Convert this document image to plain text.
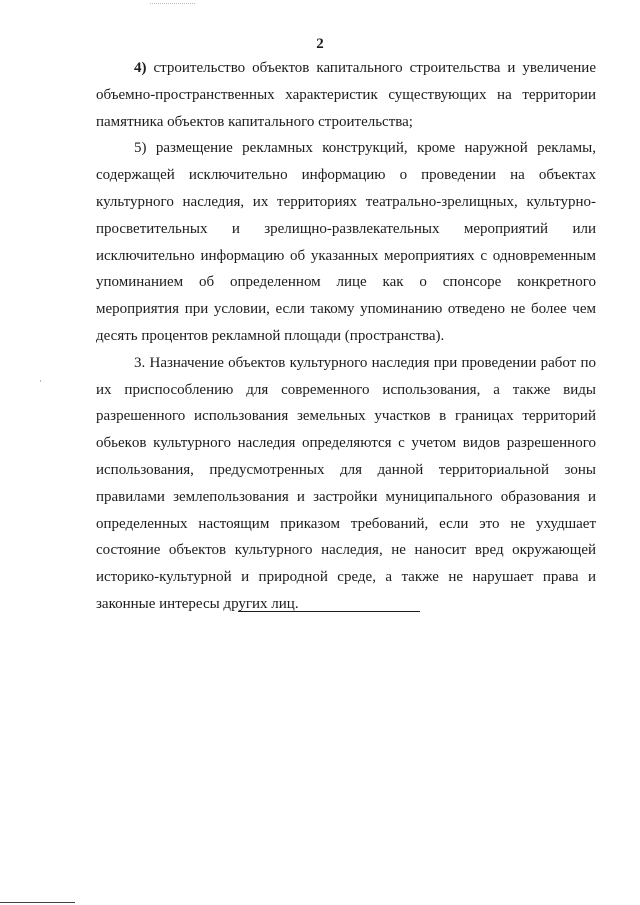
2

4) строительство объектов капитального строительства и увеличение объемно-пространственных характеристик существующих на территории памятника объектов капитального строительства;

5) размещение рекламных конструкций, кроме наружной рекламы, содержащей исключительно информацию о проведении на объектах культурного наследия, их территориях театрально-зрелищных, культурно-просветительных и зрелищно-развлекательных мероприятий или исключительно информацию об указанных мероприятиях с одновременным упоминанием об определенном лице как о спонсоре конкретного мероприятия при условии, если такому упоминанию отведено не более чем десять процентов рекламной площади (пространства).

3. Назначение объектов культурного наследия при проведении работ по их приспособлению для современного использования, а также виды разрешенного использования земельных участков в границах территорий обьекoв культурного наследия определяются с учетом видов разрешенного использования, предусмотренных для данной территориальной зоны правилами землепользования и застройки муниципального образования и определенных настоящим приказом требований, если это не ухудшает состояние объектов культурного наследия, не наносит вред окружающей историко-культурной и природной среде, а также не нарушает права и законные интересы других лиц.
